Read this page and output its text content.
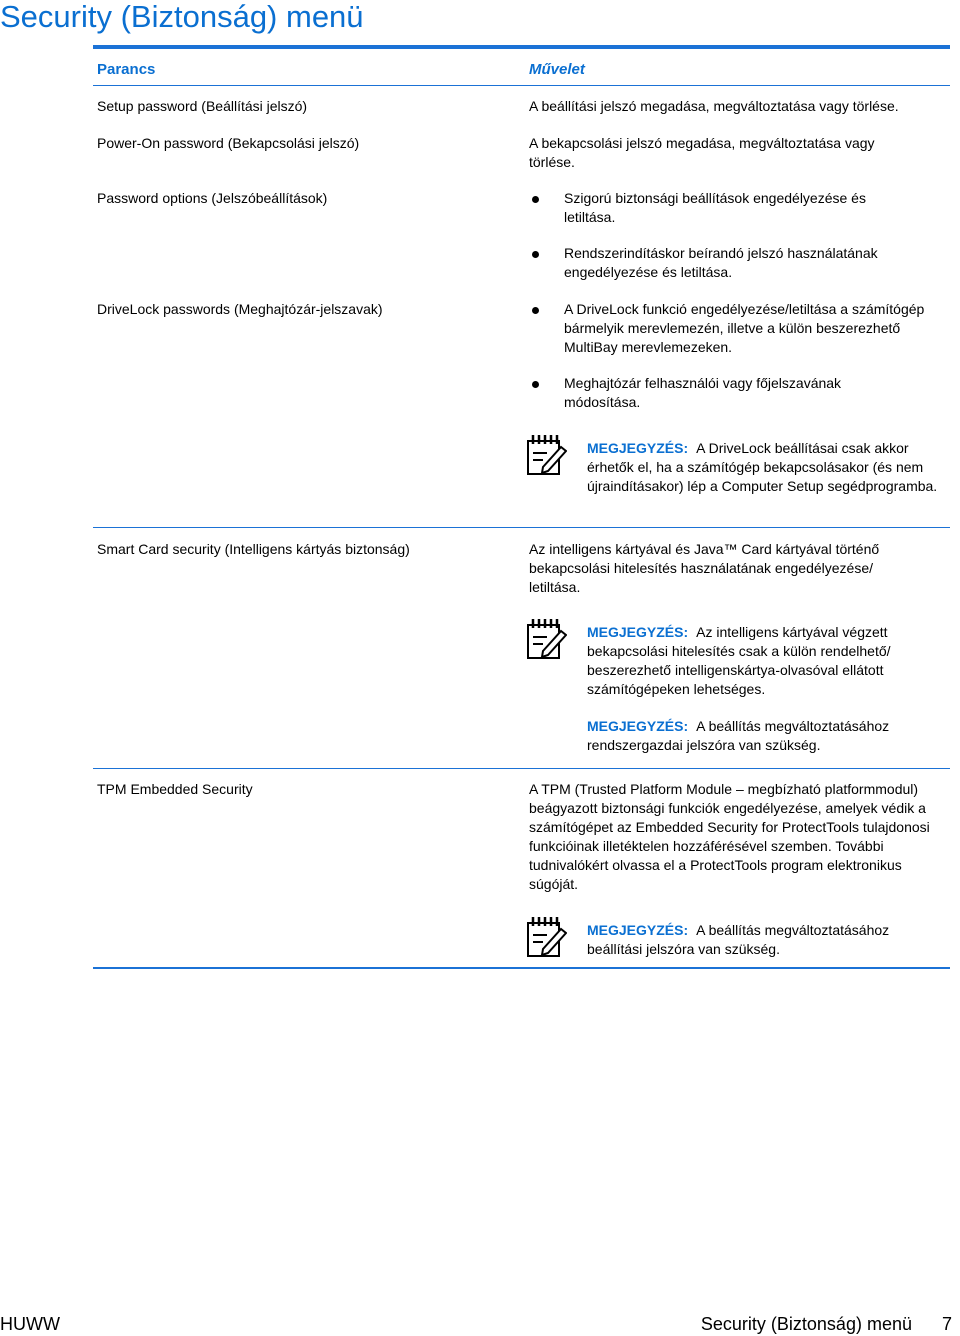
Security (Biztonság) menü
Parancs	Művelet
Setup password (Beállítási jelszó)	A beállítási jelszó megadása, megváltoztatása vagy törlése.
Power-On password (Bekapcsolási jelszó)	A bekapcsolási jelszó megadása, megváltoztatása vagy törlése.
Password options (Jelszóbeállítások)	Szigorú biztonsági beállítások engedélyezése és letiltása.
Rendszerindításkor beírandó jelszó használatának engedélyezése és letiltása.
DriveLock passwords (Meghajtózár-jelszavak)	A DriveLock funkció engedélyezése/letiltása a számítógép bármelyik merevlemezén, illetve a külön beszerezhető MultiBay merevlemezeken.
Meghajtózár felhasználói vagy főjelszavának módosítása.
MEGJEGYZÉS: A DriveLock beállításai csak akkor érhetők el, ha a számítógép bekapcsolásakor (és nem újraindításakor) lép a Computer Setup segédprogramba.
Smart Card security (Intelligens kártyás biztonság)	Az intelligens kártyával és Java™ Card kártyával történő bekapcsolási hitelesítés használatának engedélyezése/ letiltása.
MEGJEGYZÉS: Az intelligens kártyával végzett bekapcsolási hitelesítés csak a külön rendelhető/ beszerezhető intelligenskártya-olvasóval ellátott számítógépeken lehetséges.
MEGJEGYZÉS: A beállítás megváltoztatásához rendszergazdai jelszóra van szükség.
TPM Embedded Security	A TPM (Trusted Platform Module – megbízható platformmodul) beágyazott biztonsági funkciók engedélyezése, amelyek védik a számítógépet az Embedded Security for ProtectTools tulajdonosi funkcióinak illetéktelen hozzáférésével szemben. További tudnivalókért olvassa el a ProtectTools program elektronikus súgóját.
MEGJEGYZÉS: A beállítás megváltoztatásához beállítási jelszóra van szükség.
HUWW	Security (Biztonság) menü 7
